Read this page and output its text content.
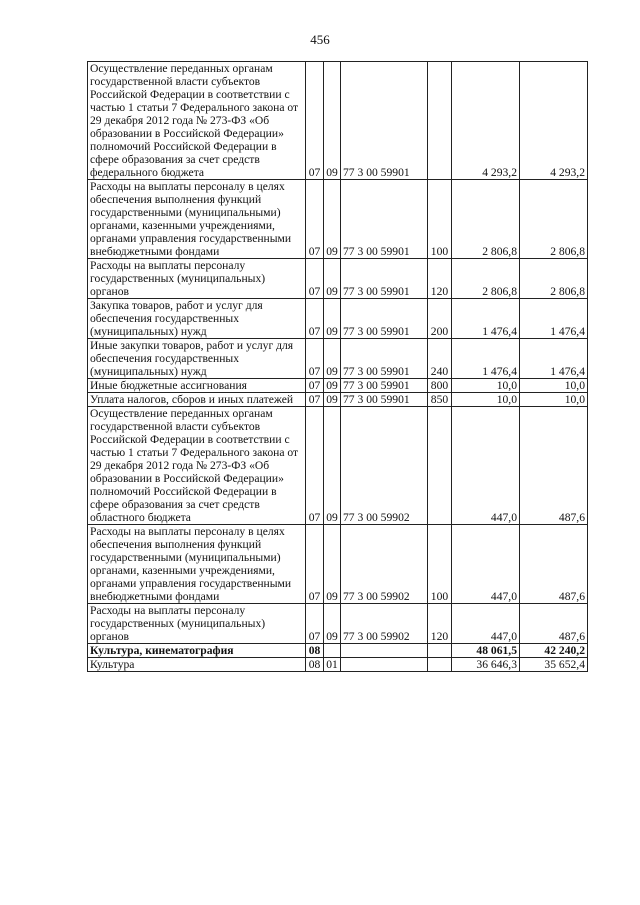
456
Осуществление переданных органам государственной власти субъектов Российской Федерации в соответствии с частью 1 статьи 7 Федерального закона от 29 декабря 2012 года № 273-ФЗ «Об образовании в Российской Федерации» полномочий Российской Федерации в сфере образования за счет средств федерального бюджета	07	09	77 3 00 59901		4 293,2	4 293,2
Расходы на выплаты персоналу в целях обеспечения выполнения функций государственными (муниципальными) органами, казенными учреждениями, органами управления государственными внебюджетными фондами	07	09	77 3 00 59901	100	2 806,8	2 806,8
Расходы на выплаты персоналу государственных (муниципальных) органов	07	09	77 3 00 59901	120	2 806,8	2 806,8
Закупка товаров, работ и услуг для обеспечения государственных (муниципальных) нужд	07	09	77 3 00 59901	200	1 476,4	1 476,4
Иные закупки товаров, работ и услуг для обеспечения государственных (муниципальных) нужд	07	09	77 3 00 59901	240	1 476,4	1 476,4
Иные бюджетные ассигнования	07	09	77 3 00 59901	800	10,0	10,0
Уплата налогов, сборов и иных платежей	07	09	77 3 00 59901	850	10,0	10,0
Осуществление переданных органам государственной власти субъектов Российской Федерации в соответствии с частью 1 статьи 7 Федерального закона от 29 декабря 2012 года № 273-ФЗ «Об образовании в Российской Федерации» полномочий Российской Федерации в сфере образования за счет средств областного бюджета	07	09	77 3 00 59902		447,0	487,6
Расходы на выплаты персоналу в целях обеспечения выполнения функций государственными (муниципальными) органами, казенными учреждениями, органами управления государственными внебюджетными фондами	07	09	77 3 00 59902	100	447,0	487,6
Расходы на выплаты персоналу государственных (муниципальных) органов	07	09	77 3 00 59902	120	447,0	487,6
Культура, кинематография	08				48 061,5	42 240,2
Культура	08	01			36 646,3	35 652,4
